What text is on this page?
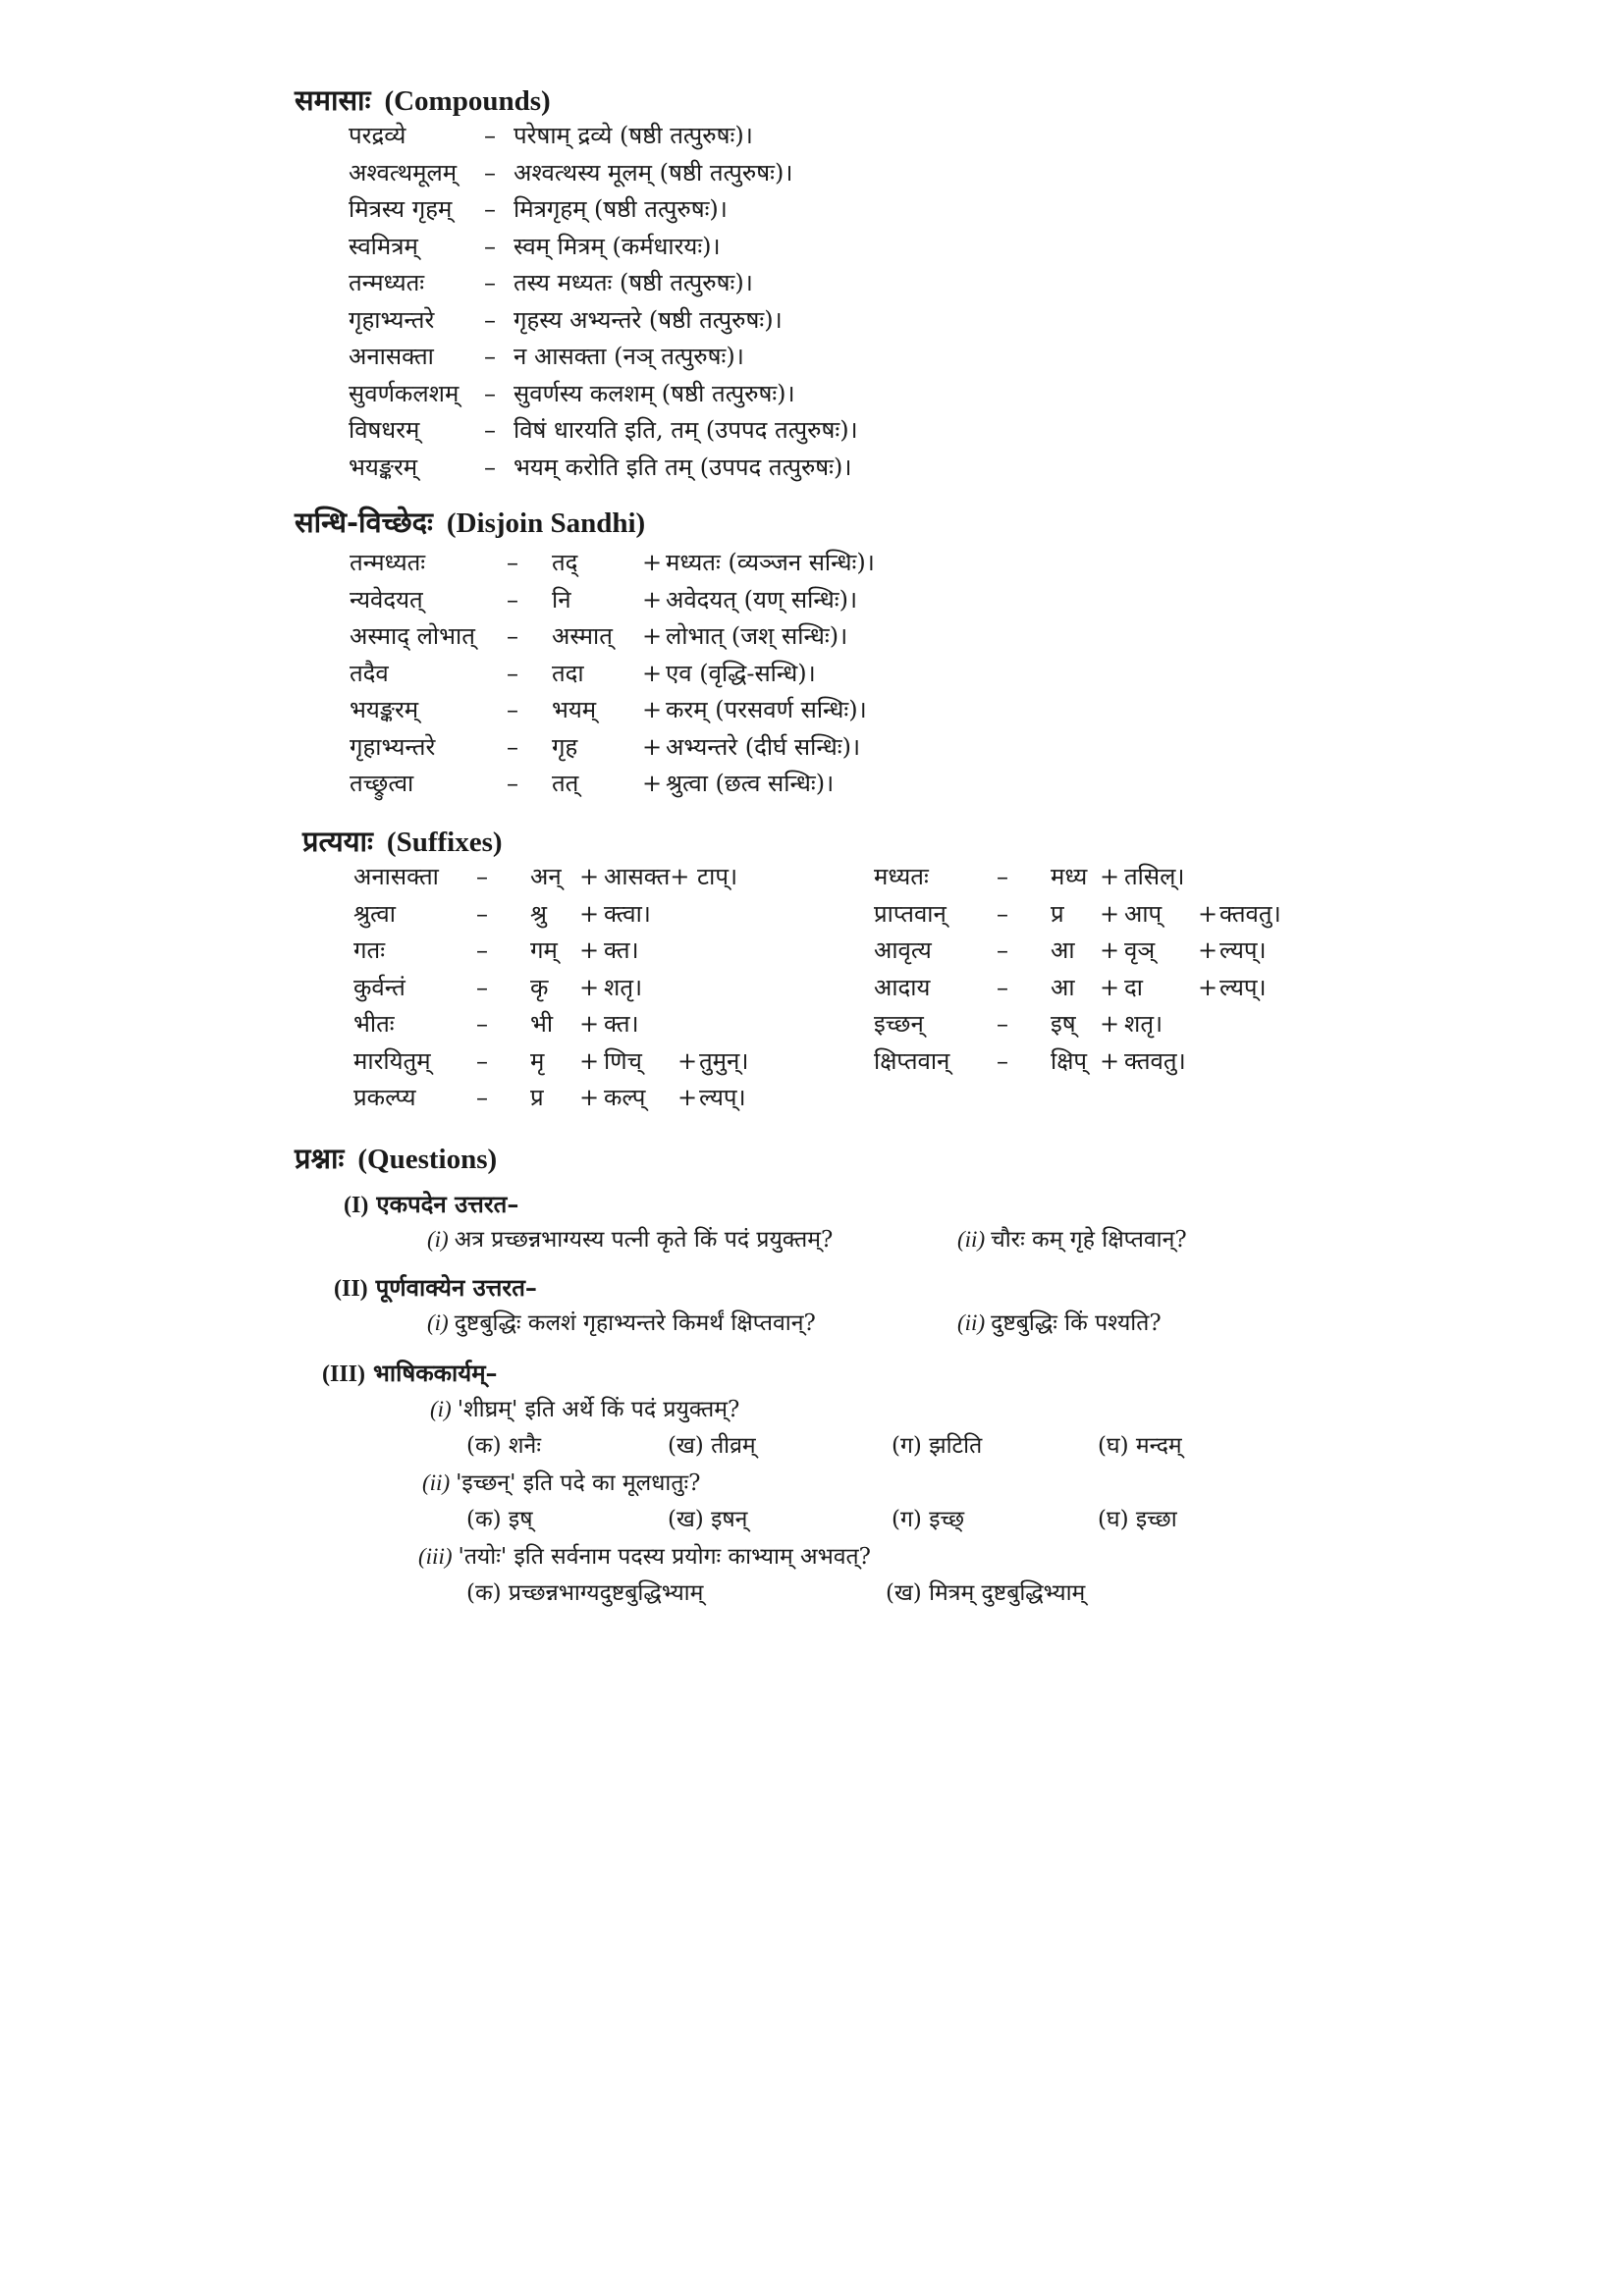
समासाः (Compounds)
परद्रव्ये	– परेषाम् द्रव्ये (षष्ठी तत्पुरुषः)।
अश्वत्थमूलम् – अश्वत्थस्य मूलम् (षष्ठी तत्पुरुषः)।
मित्रस्य गृहम् – मित्रगृहम् (षष्ठी तत्पुरुषः)।
स्वमित्रम्	– स्वम् मित्रम् (कर्मधारयः)।
तन्मध्यतः	– तस्य मध्यतः (षष्ठी तत्पुरुषः)।
गृहाभ्यन्तरे – गृहस्य अभ्यन्तरे (षष्ठी तत्पुरुषः)।
अनासक्ता – न आसक्ता (नञ् तत्पुरुषः)।
सुवर्णकलशम् – सुवर्णस्य कलशम् (षष्ठी तत्पुरुषः)।
विषधरम्	– विषं धारयति इति, तम् (उपपद तत्पुरुषः)।
भयङ्करम्	– भयम् करोति इति तम् (उपपद तत्पुरुषः)।
सन्धि-विच्छेदः (Disjoin Sandhi)
तन्मध्यतः	– तद्	+ मध्यतः (व्यञ्जन सन्धिः)।
न्यवेदयत्	– नि	+ अवेदयत् (यण् सन्धिः)।
अस्माद् लोभात् – अस्मात् + लोभात् (जश् सन्धिः)।
तदैव	– तदा + एव (वृद्धि-सन्धि)।
भयङ्करम्	– भयम् + करम् (परसवर्ण सन्धिः)।
गृहाभ्यन्तरे	– गृह	+ अभ्यन्तरे (दीर्घ सन्धिः)।
तच्छ्रुत्वा	– तत्	+ श्रुत्वा (छत्व सन्धिः)।
प्रत्ययाः (Suffixes)
अनासक्ता – अन् + आसक्त+ टाप्।
श्रुत्वा	– श्रु + क्त्वा।
गतः	– गम् + क्त।
कुर्वन्तं	– कृ + शतृ।
भीतः	– भी + क्त।
मारयितुम् – मृ + णिच् + तुमुन्।
प्रकल्प्य	– प्र + कल्प् + ल्यप्।
मध्यतः	– मध्य + तसिल्।
प्राप्तवान् – प्र + आप् + क्तवतु।
आवृत्य	– आ + वृञ् + ल्यप्।
आदाय	– आ + दा + ल्यप्।
इच्छन्	– इष् + शतृ।
क्षिप्तवान् – क्षिप् + क्तवतु।
प्रश्नाः (Questions)
(I) एकपदेन उत्तरत–
(i) अत्र प्रच्छन्नभाग्यस्य पत्नी कृते किं पदं प्रयुक्तम्?	(ii) चौरः कम् गृहे क्षिप्तवान्?
(II) पूर्णवाक्येन उत्तरत–
(i) दुष्टबुद्धिः कलशं गृहाभ्यन्तरे किमर्थं क्षिप्तवान्?	(ii) दुष्टबुद्धिः किं पश्यति?
(III) भाषिककार्यम्–
(i) 'शीघ्रम्' इति अर्थे किं पदं प्रयुक्तम्?
(क) शनैः	(ख) तीव्रम्	(ग) झटिति	(घ) मन्दम्
(ii) 'इच्छन्' इति पदे का मूलधातुः?
(क) इष्	(ख) इषन्	(ग) इच्छ्	(घ) इच्छा
(iii) 'तयोः' इति सर्वनाम पदस्य प्रयोगः काभ्याम् अभवत्?
(क) प्रच्छन्नभाग्यदुष्टबुद्धिभ्याम्	(ख) मित्रम् दुष्टबुद्धिभ्याम्
